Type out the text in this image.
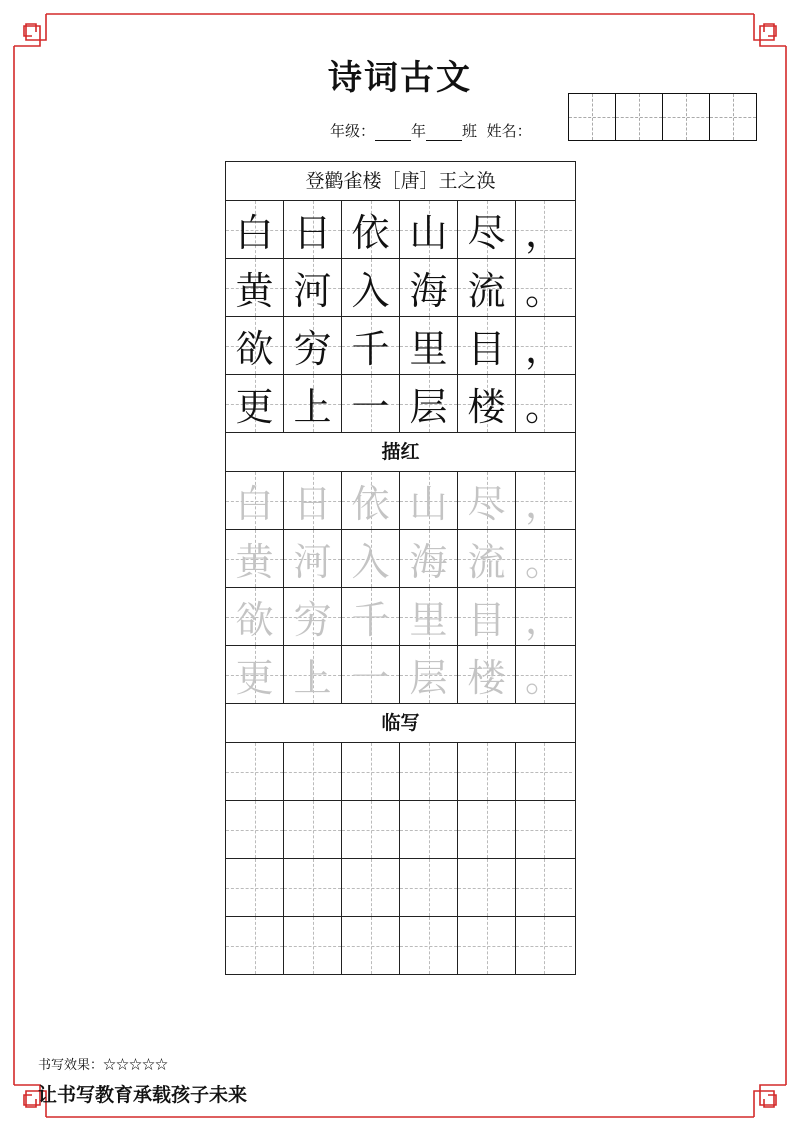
诗词古文
年级： 年 班 姓名：
登鹳雀楼［唐］王之涣
白 日 依 山 尽 ，
黄 河 入 海 流 。
欲 穷 千 里 目 ，
更 上 一 层 楼 。
描红
白 日 依 山 尽 ，
黄 河 入 海 流 。
欲 穷 千 里 目 ，
更 上 一 层 楼 。
临写
书写效果：☆☆☆☆☆
让书写教育承载孩子未来
